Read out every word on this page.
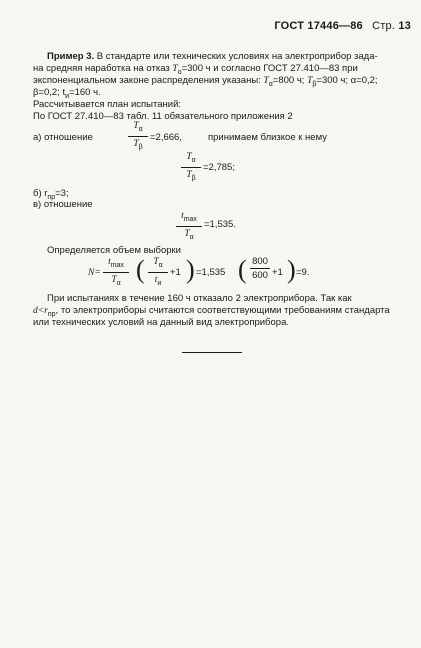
ГОСТ 17446—86 Стр. 13
Пример 3. В стандарте или технических условиях на электроприбор зада-
на средняя наработка на отказ $T_о=300$ ч и согласно ГОСТ 27.410—83 при
экспоненциальном законе распределения указаны: $T_\alpha=800$ ч; $T_\beta=300$ ч; α=0,2;
β=0,2; $t_и=160$ ч.
Рассчитывается план испытаний:
По ГОСТ 27.410—83 табл. 11 обязательного приложения 2
а) отношение
$T_\alpha$
$T_\beta$
=2,666,	принимаем близкое к нему
$T_\alpha$
$T_\beta$
=2,785;
б) $r_{пр}=3$;
в) отношение
$t_{max}$
$T_\alpha$
=1,535.
Определяется объем выборки
N=
$t_{max}$
$T_\alpha$ ( $T_\alpha$
$t_и$
+1 ) =1,535 ( 800
600 +1 ) =9.
При испытаниях в течение 160 ч отказало 2 электроприбора. Так как
$d<r_{пр}$, то электроприборы считаются соответствующими требованиям стандарта
или технических условий на данный вид электроприбора.
